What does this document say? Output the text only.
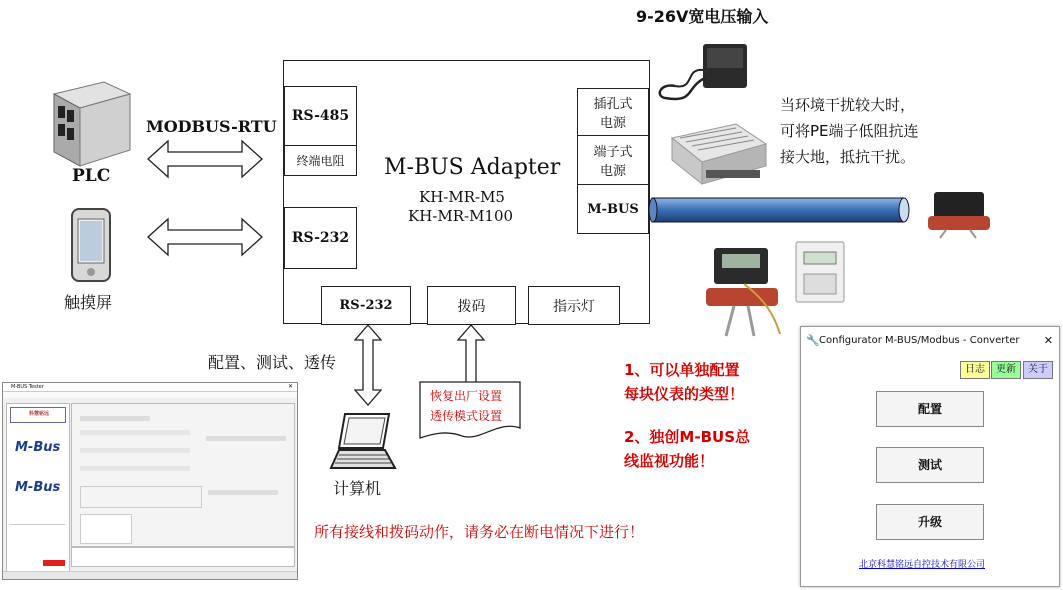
9-26V宽电压输入
当环境干扰较大时，
可将PE端子低阻抗连
接大地，抵抗干扰。
PLC
MODBUS-RTU
触摸屏
RS-485
终端电阻
RS-232
M-BUS Adapter
KH-MR-M5
KH-MR-M100
插孔式
电源
端子式
电源
M-BUS
RS-232	拨码	指示灯
配置、测试、透传
计算机
恢复出厂设置
透传模式设置
1、可以单独配置
每块仪表的类型！
2、独创M-BUS总
线监视功能！
所有接线和拨码动作，请务必在断电情况下进行！
M-BUS Tester	✕
科慧铭远
M-Bus
M-Bus
🔧 Configurator M-BUS/Modbus - Converter ✕
日志	更新	关于
配置
测试
升级
北京科慧铭远自控技术有限公司
